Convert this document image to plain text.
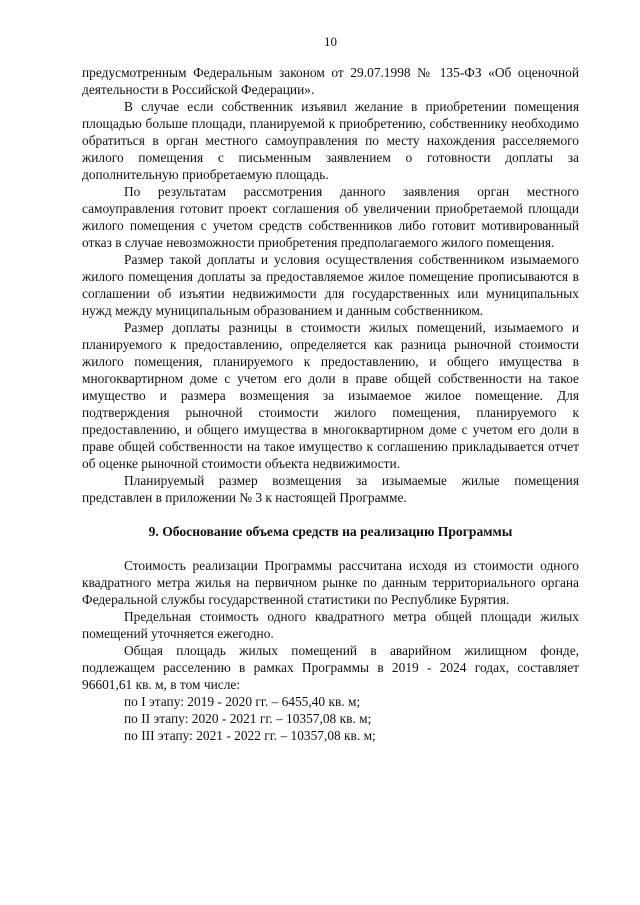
10

предусмотренным Федеральным законом от 29.07.1998 № 135-ФЗ «Об оценочной деятельности в Российской Федерации».

В случае если собственник изъявил желание в приобретении помещения площадью больше площади, планируемой к приобретению, собственнику необходимо обратиться в орган местного самоуправления по месту нахождения расселяемого жилого помещения с письменным заявлением о готовности доплаты за дополнительную приобретаемую площадь.

По результатам рассмотрения данного заявления орган местного самоуправления готовит проект соглашения об увеличении приобретаемой площади жилого помещения с учетом средств собственников либо готовит мотивированный отказ в случае невозможности приобретения предполагаемого жилого помещения.

Размер такой доплаты и условия осуществления собственником изымаемого жилого помещения доплаты за предоставляемое жилое помещение прописываются в соглашении об изъятии недвижимости для государственных или муниципальных нужд между муниципальным образованием и данным собственником.

Размер доплаты разницы в стоимости жилых помещений, изымаемого и планируемого к предоставлению, определяется как разница рыночной стоимости жилого помещения, планируемого к предоставлению, и общего имущества в многоквартирном доме с учетом его доли в праве общей собственности на такое имущество и размера возмещения за изымаемое жилое помещение. Для подтверждения рыночной стоимости жилого помещения, планируемого к предоставлению, и общего имущества в многоквартирном доме с учетом его доли в праве общей собственности на такое имущество к соглашению прикладывается отчет об оценке рыночной стоимости объекта недвижимости.

Планируемый размер возмещения за изымаемые жилые помещения представлен в приложении № 3 к настоящей Программе.

9. Обоснование объема средств на реализацию Программы

Стоимость реализации Программы рассчитана исходя из стоимости одного квадратного метра жилья на первичном рынке по данным территориального органа Федеральной службы государственной статистики по Республике Бурятия.

Предельная стоимость одного квадратного метра общей площади жилых помещений уточняется ежегодно.

Общая площадь жилых помещений в аварийном жилищном фонде, подлежащем расселению в рамках Программы в 2019 - 2024 годах, составляет 96601,61 кв. м, в том числе:

по I этапу: 2019 - 2020 гг. – 6455,40 кв. м;

по II этапу: 2020 - 2021 гг. – 10357,08 кв. м;

по III этапу: 2021 - 2022 гг. – 10357,08 кв. м;
